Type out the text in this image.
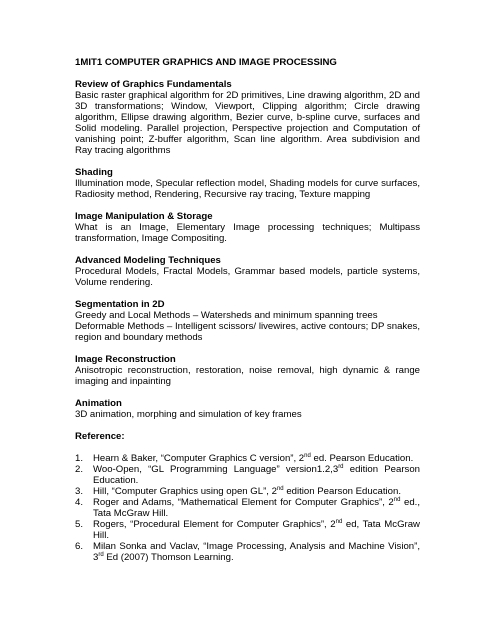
1MIT1 COMPUTER GRAPHICS AND IMAGE PROCESSING

Review of Graphics Fundamentals

Basic raster graphical algorithm for 2D primitives, Line drawing algorithm, 2D and 3D transformations; Window, Viewport, Clipping algorithm; Circle drawing algorithm, Ellipse drawing algorithm, Bezier curve, b-spline curve, surfaces and Solid modeling. Parallel projection, Perspective projection and Computation of vanishing point; Z-buffer algorithm, Scan line algorithm. Area subdivision and Ray tracing algorithms

Shading

Illumination mode, Specular reflection model, Shading models for curve surfaces, Radiosity method, Rendering, Recursive ray tracing, Texture mapping

Image Manipulation & Storage

What is an Image, Elementary Image processing techniques; Multipass transformation, Image Compositing.

Advanced Modeling Techniques

Procedural Models, Fractal Models, Grammar based models, particle systems, Volume rendering.

Segmentation in 2D

Greedy and Local Methods – Watersheds and minimum spanning trees

Deformable Methods – Intelligent scissors/ livewires, active contours; DP snakes, region and boundary methods

Image Reconstruction

Anisotropic reconstruction, restoration, noise removal, high dynamic & range imaging and inpainting

Animation

3D animation, morphing and simulation of key frames

Reference:

1. Hearn & Baker, “Computer Graphics C version”, 2nd ed. Pearson Education.
2. Woo-Open, “GL Programming Language” version1.2,3rd edition Pearson Education.
3. Hill, “Computer Graphics using open GL”, 2nd edition Pearson Education.
4. Roger and Adams, “Mathematical Element for Computer Graphics”, 2nd ed., Tata McGraw Hill.
5. Rogers, “Procedural Element for Computer Graphics”, 2nd ed, Tata McGraw Hill.
6. Milan Sonka and Vaclav, “Image Processing, Analysis and Machine Vision”, 3rd Ed (2007) Thomson Learning.
